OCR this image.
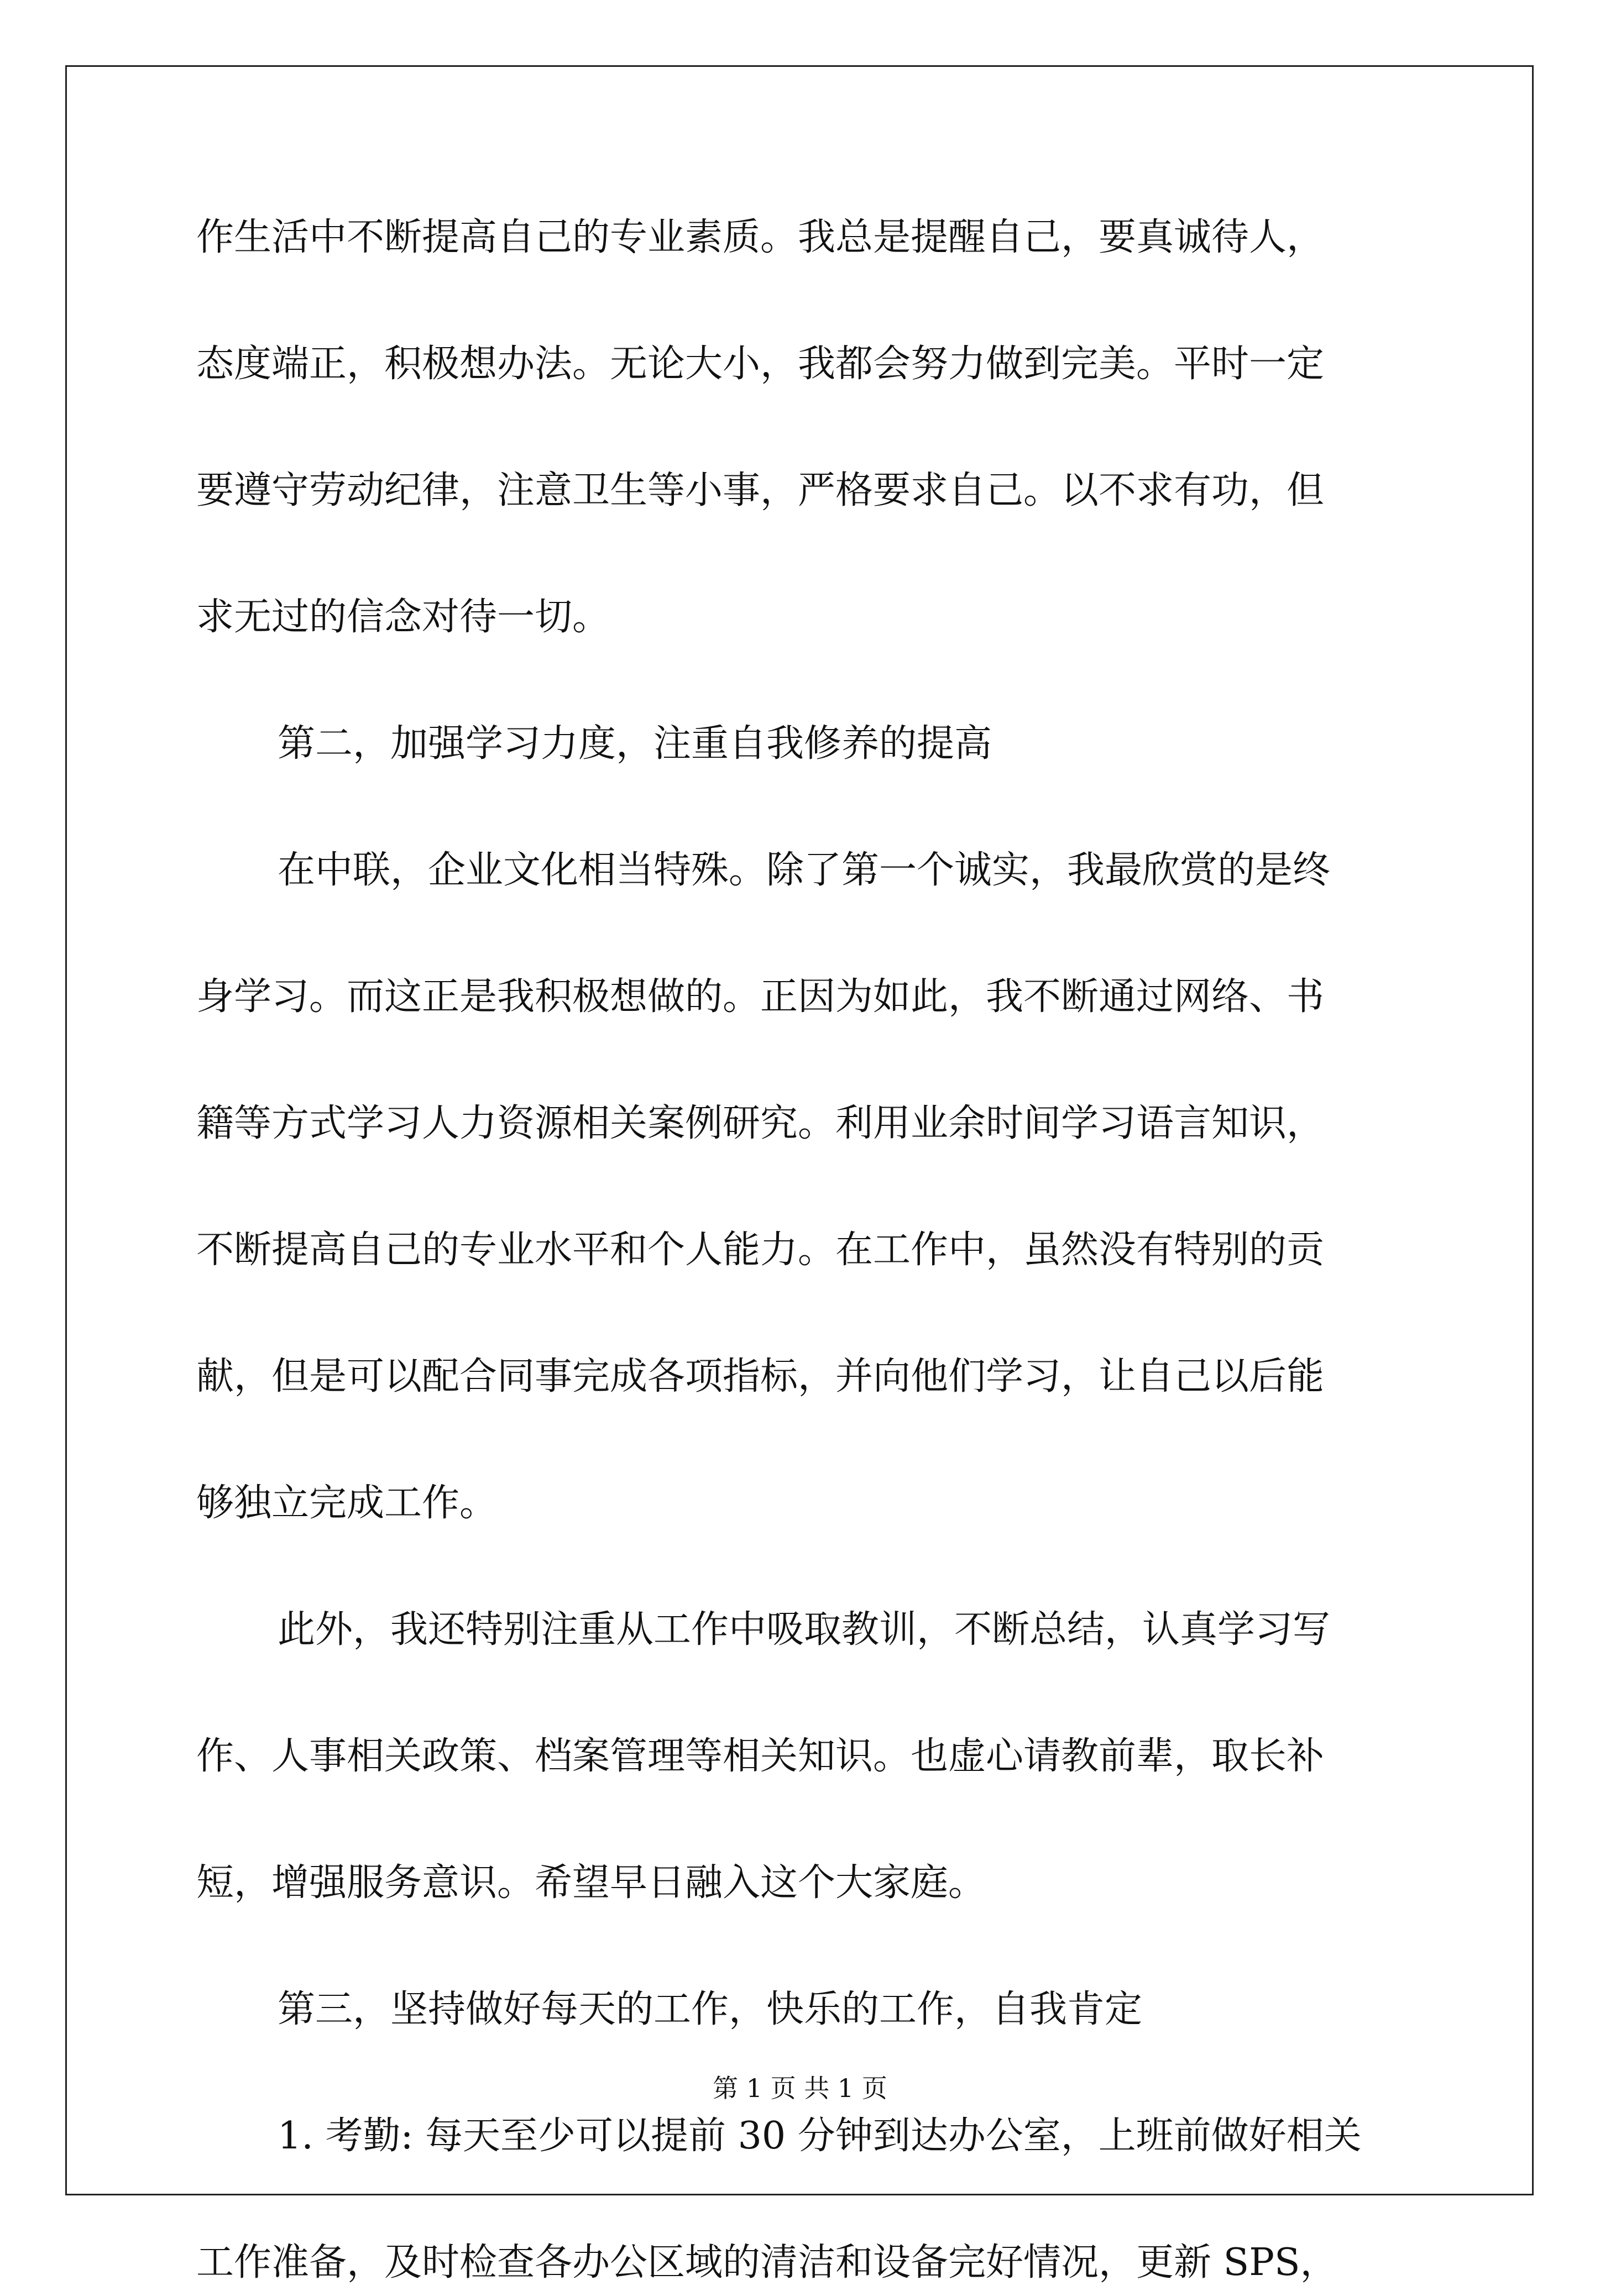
作生活中不断提高自己的专业素质。我总是提醒自己，要真诚待人，
态度端正，积极想办法。无论大小，我都会努力做到完美。平时一定
要遵守劳动纪律，注意卫生等小事，严格要求自己。以不求有功，但
求无过的信念对待一切。
第二，加强学习力度，注重自我修养的提高
在中联，企业文化相当特殊。除了第一个诚实，我最欣赏的是终
身学习。而这正是我积极想做的。正因为如此，我不断通过网络、书
籍等方式学习人力资源相关案例研究。利用业余时间学习语言知识，
不断提高自己的专业水平和个人能力。在工作中，虽然没有特别的贡
献，但是可以配合同事完成各项指标，并向他们学习，让自己以后能
够独立完成工作。
此外，我还特别注重从工作中吸取教训，不断总结，认真学习写
作、人事相关政策、档案管理等相关知识。也虚心请教前辈，取长补
短，增强服务意识。希望早日融入这个大家庭。
第三，坚持做好每天的工作，快乐的工作，自我肯定
1. 考勤: 每天至少可以提前 30 分钟到达办公室，上班前做好相关
工作准备，及时检查各办公区域的清洁和设备完好情况，更新 SPS，
第 1 页 共 1 页
